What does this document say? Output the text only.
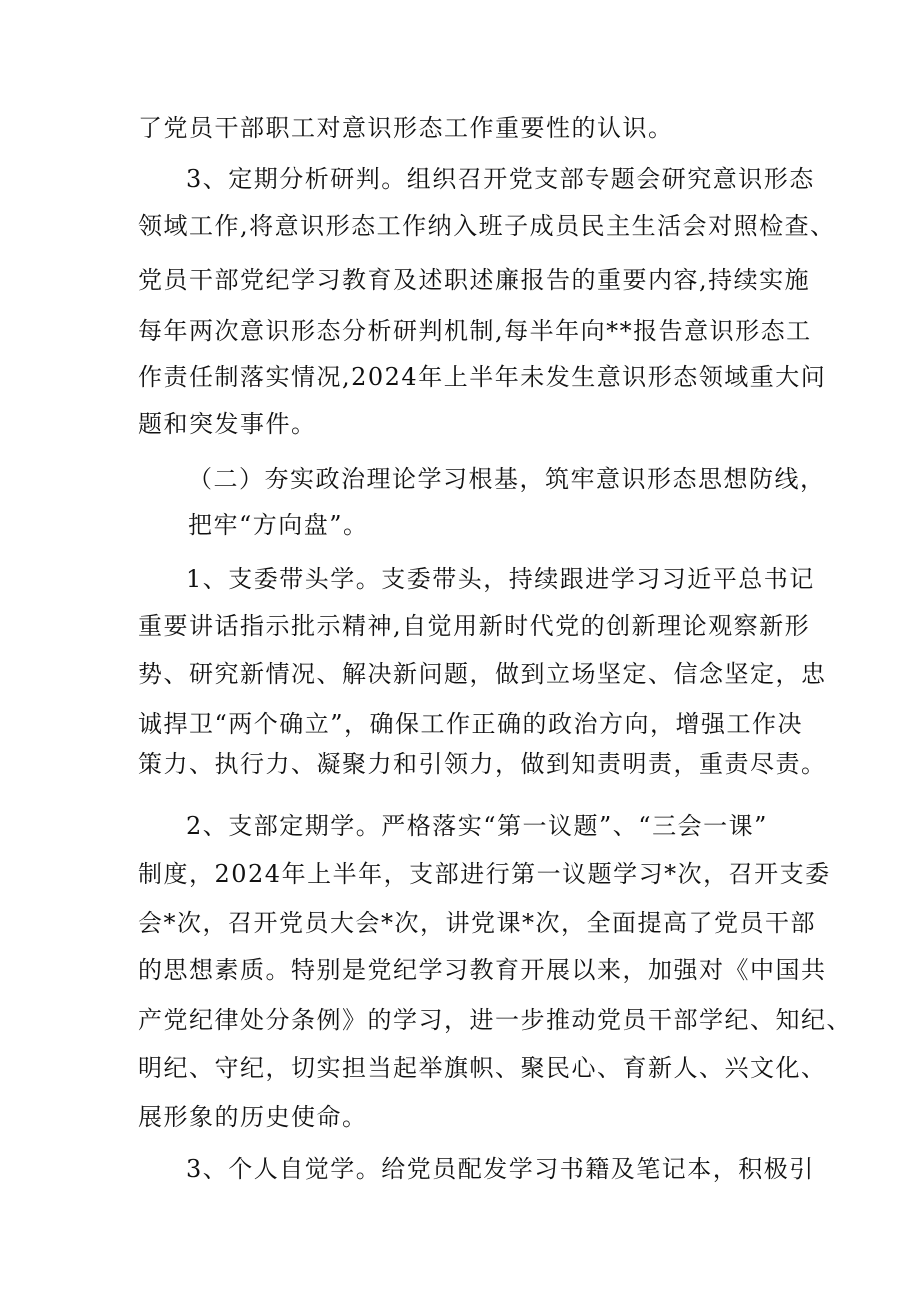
了党员干部职工对意识形态工作重要性的认识。
3、定期分析研判。组织召开党支部专题会研究意识形态
领域工作,将意识形态工作纳入班子成员民主生活会对照检查、
党员干部党纪学习教育及述职述廉报告的重要内容,持续实施
每年两次意识形态分析研判机制,每半年向**报告意识形态工
作责任制落实情况,2024年上半年未发生意识形态领域重大问
题和突发事件。
（二）夯实政治理论学习根基，筑牢意识形态思想防线，
把牢“方向盘”。
1、支委带头学。支委带头，持续跟进学习习近平总书记
重要讲话指示批示精神,自觉用新时代党的创新理论观察新形
势、研究新情况、解决新问题，做到立场坚定、信念坚定，忠
诚捍卫“两个确立”，确保工作正确的政治方向，增强工作决
策力、执行力、凝聚力和引领力，做到知责明责，重责尽责。
2、支部定期学。严格落实“第一议题”、“三会一课”
制度，2024年上半年，支部进行第一议题学习*次，召开支委
会*次，召开党员大会*次，讲党课*次，全面提高了党员干部
的思想素质。特别是党纪学习教育开展以来，加强对《中国共
产党纪律处分条例》的学习，进一步推动党员干部学纪、知纪、
明纪、守纪，切实担当起举旗帜、聚民心、育新人、兴文化、
展形象的历史使命。
3、个人自觉学。给党员配发学习书籍及笔记本，积极引
